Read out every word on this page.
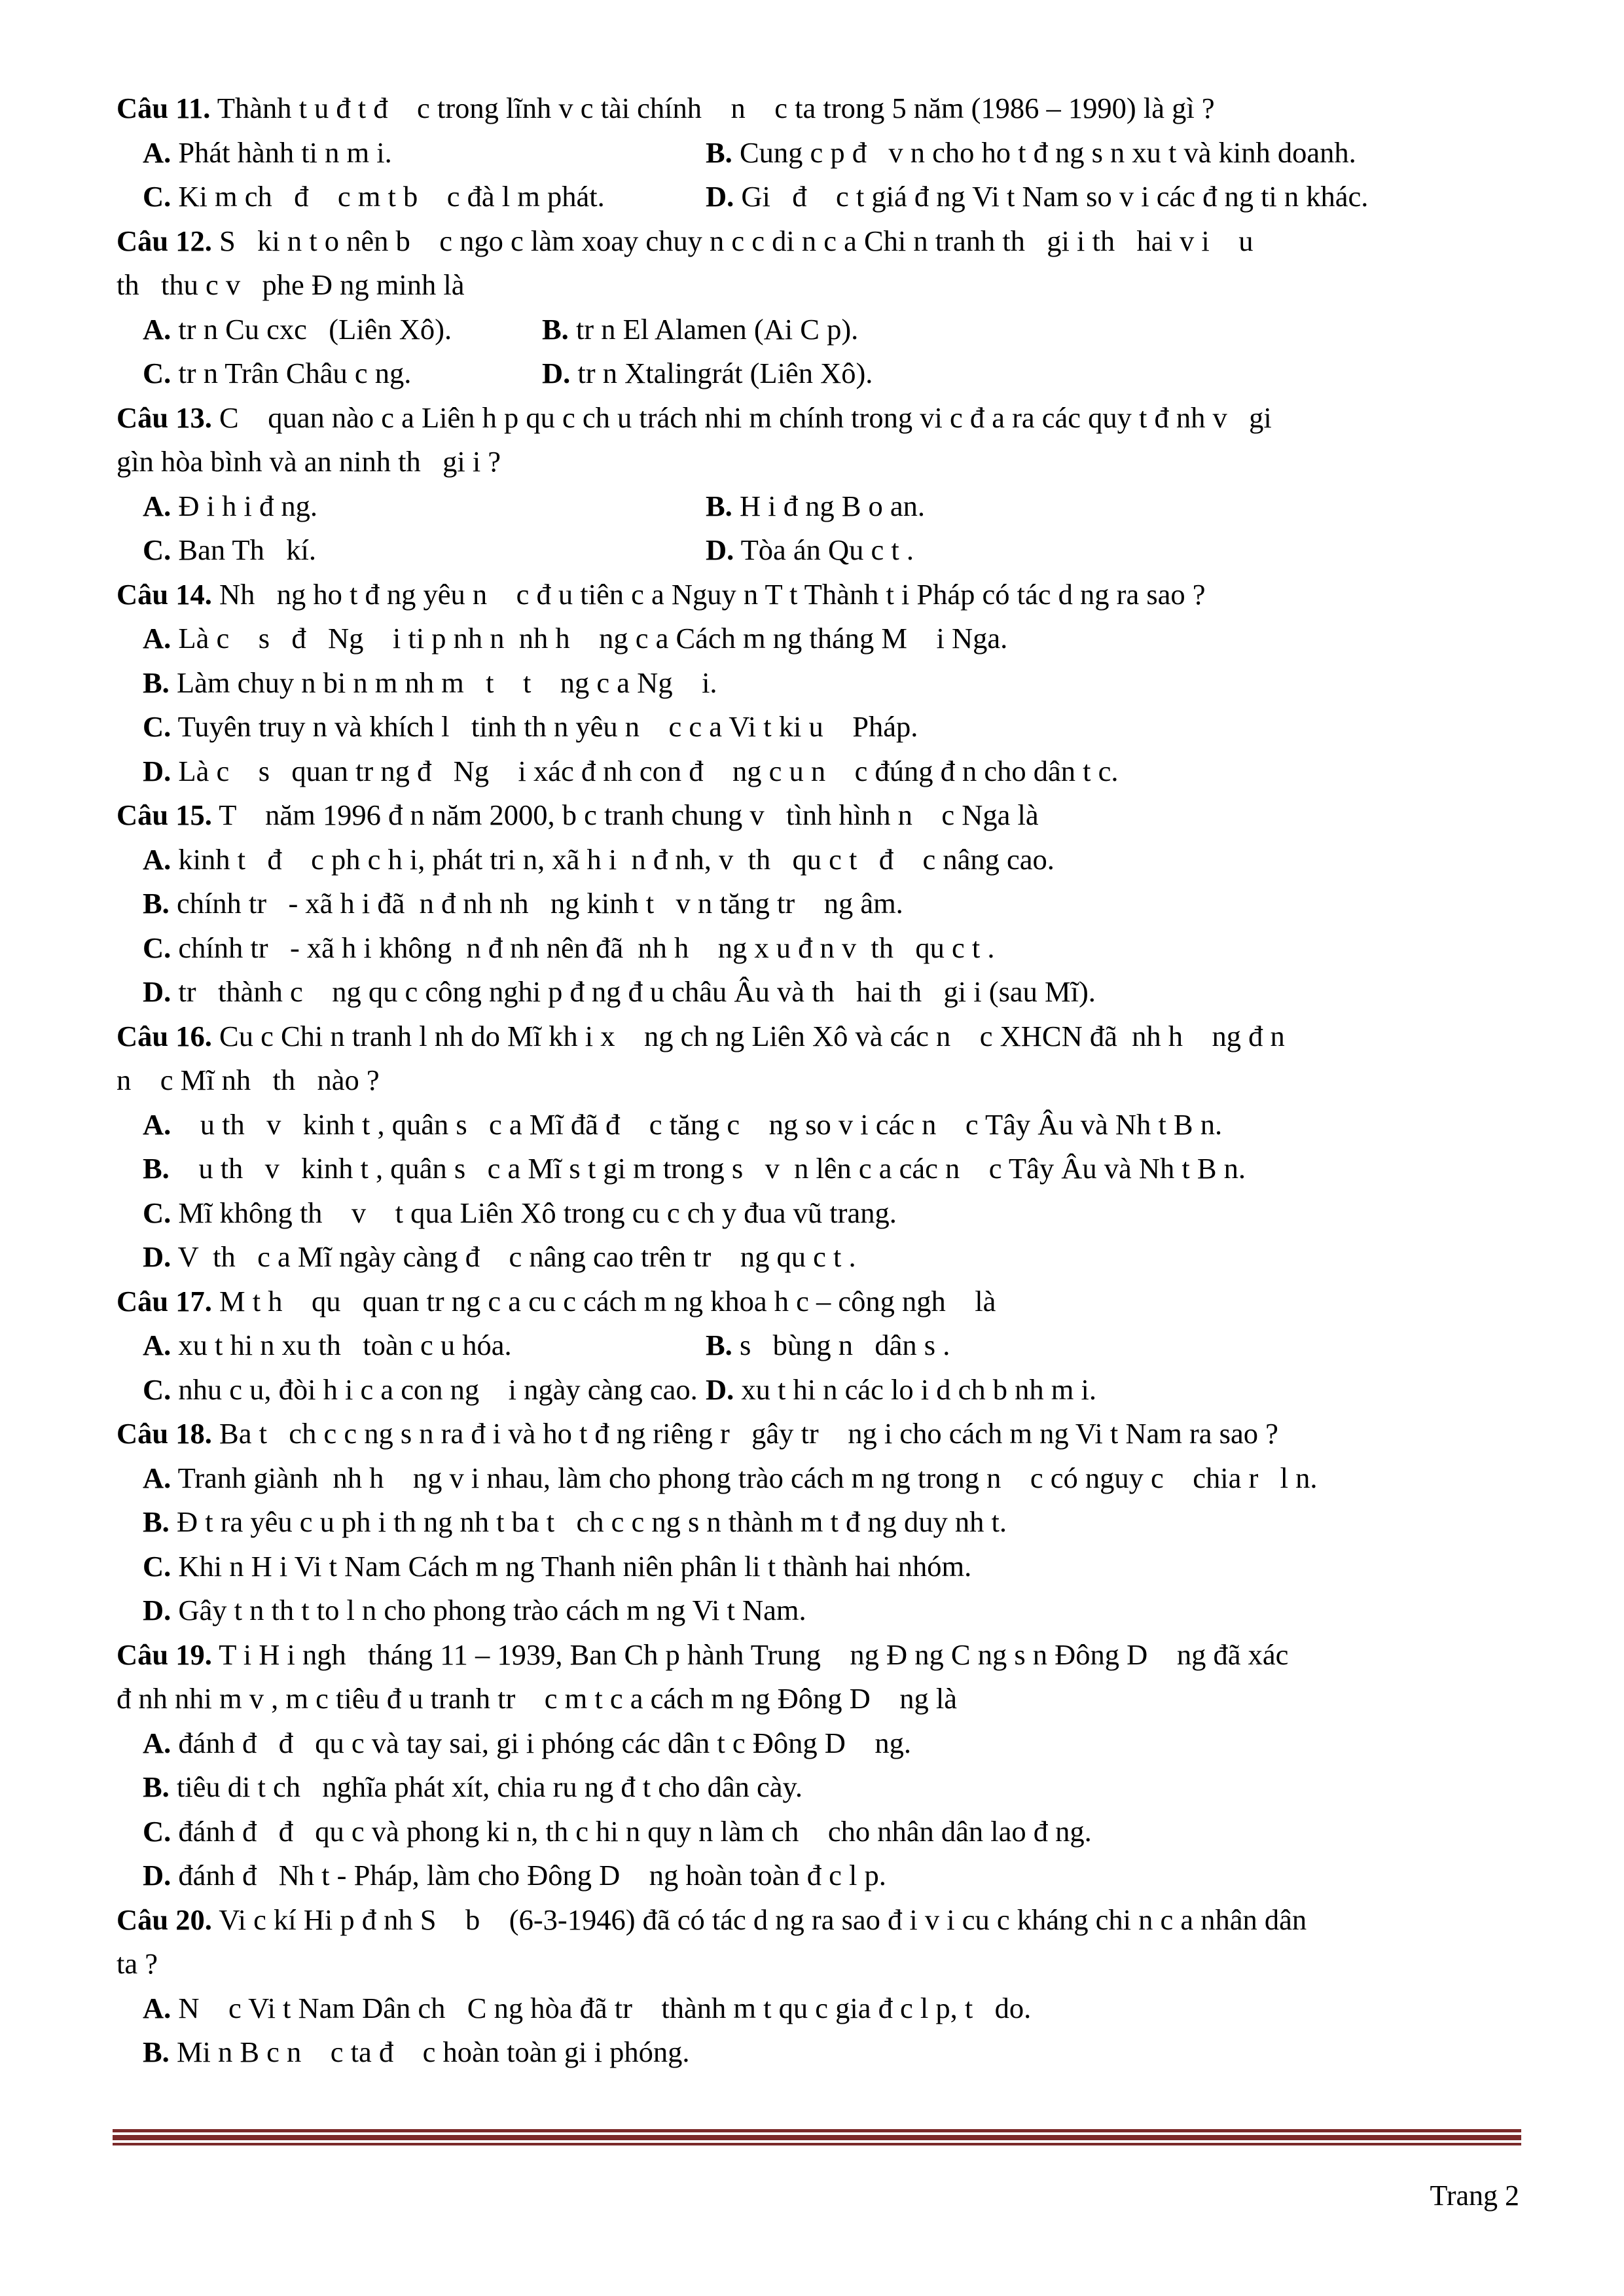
Câu 11. Thành t u đ t đ    c trong lĩnh v c tài chính    n    c ta trong 5 năm (1986 – 1990) là gì ?
A. Phát hành ti n m i.	B. Cung c p đ   v n cho ho t đ ng s n xu t và kinh doanh.
C. Ki m ch   đ    c m t b    c đà l m phát.	D. Gi   đ    c t giá đ ng Vi t Nam so v i các đ ng ti n khác.
Câu 12. S   ki n t o nên b    c ngo c làm xoay chuy n c c di n c a Chi n tranh th   gi i th   hai v i    u
th   thu c v   phe Đ ng minh là
A. tr n Cu cxc   (Liên Xô).	B. tr n El Alamen (Ai C p).
C. tr n Trân Châu c ng.	D. tr n Xtalingrát (Liên Xô).
Câu 13. C    quan nào c a Liên h p qu c ch u trách nhi m chính trong vi c đ a ra các quy t đ nh v   gi
gìn hòa bình và an ninh th   gi i ?
A. Đ i h i đ ng.	B. H i đ ng B o an.
C. Ban Th   kí.	D. Tòa án Qu c t .
Câu 14. Nh   ng ho t đ ng yêu n    c đ u tiên c a Nguy n T t Thành t i Pháp có tác d ng ra sao ?
A. Là c    s   đ   Ng    i ti p nh n  nh h    ng c a Cách m ng tháng M    i Nga.
B. Làm chuy n bi n m nh m   t    t    ng c a Ng    i.
C. Tuyên truy n và khích l   tinh th n yêu n    c c a Vi t ki u    Pháp.
D. Là c    s   quan tr ng đ   Ng    i xác đ nh con đ    ng c u n    c đúng đ n cho dân t c.
Câu 15. T    năm 1996 đ n năm 2000, b c tranh chung v   tình hình n    c Nga là
A. kinh t   đ    c ph c h i, phát tri n, xã h i  n đ nh, v  th   qu c t   đ    c nâng cao.
B. chính tr   - xã h i đã  n đ nh nh   ng kinh t   v n tăng tr    ng âm.
C. chính tr   - xã h i không  n đ nh nên đã  nh h    ng x u đ n v  th   qu c t .
D. tr   thành c    ng qu c công nghi p đ ng đ u châu Âu và th   hai th   gi i (sau Mĩ).
Câu 16. Cu c Chi n tranh l nh do Mĩ kh i x    ng ch ng Liên Xô và các n    c XHCN đã  nh h    ng đ n
n    c Mĩ nh   th   nào ?
A.    u th   v   kinh t , quân s   c a Mĩ đã đ    c tăng c    ng so v i các n    c Tây Âu và Nh t B n.
B.    u th   v   kinh t , quân s   c a Mĩ s t gi m trong s   v  n lên c a các n    c Tây Âu và Nh t B n.
C. Mĩ không th    v    t qua Liên Xô trong cu c ch y đua vũ trang.
D. V  th   c a Mĩ ngày càng đ    c nâng cao trên tr    ng qu c t .
Câu 17. M t h    qu   quan tr ng c a cu c cách m ng khoa h c – công ngh    là
A. xu t hi n xu th   toàn c u hóa.	B. s   bùng n   dân s .
C. nhu c u, đòi h i c a con ng    i ngày càng cao. D. xu t hi n các lo i d ch b nh m i.
Câu 18. Ba t   ch c c ng s n ra đ i và ho t đ ng riêng r   gây tr    ng i cho cách m ng Vi t Nam ra sao ?
A. Tranh giành  nh h    ng v i nhau, làm cho phong trào cách m ng trong n    c có nguy c    chia r   l n.
B. Đ t ra yêu c u ph i th ng nh t ba t   ch c c ng s n thành m t đ ng duy nh t.
C. Khi n H i Vi t Nam Cách m ng Thanh niên phân li t thành hai nhóm.
D. Gây t n th t to l n cho phong trào cách m ng Vi t Nam.
Câu 19. T i H i ngh   tháng 11 – 1939, Ban Ch p hành Trung    ng Đ ng C ng s n Đông D    ng đã xác
đ nh nhi m v , m c tiêu đ u tranh tr    c m t c a cách m ng Đông D    ng là
A. đánh đ   đ   qu c và tay sai, gi i phóng các dân t c Đông D    ng.
B. tiêu di t ch   nghĩa phát xít, chia ru ng đ t cho dân cày.
C. đánh đ   đ   qu c và phong ki n, th c hi n quy n làm ch    cho nhân dân lao đ ng.
D. đánh đ   Nh t - Pháp, làm cho Đông D    ng hoàn toàn đ c l p.
Câu 20. Vi c kí Hi p đ nh S    b    (6-3-1946) đã có tác d ng ra sao đ i v i cu c kháng chi n c a nhân dân
ta ?
A. N    c Vi t Nam Dân ch   C ng hòa đã tr    thành m t qu c gia đ c l p, t   do.
B. Mi n B c n    c ta đ    c hoàn toàn gi i phóng.
Trang 2
